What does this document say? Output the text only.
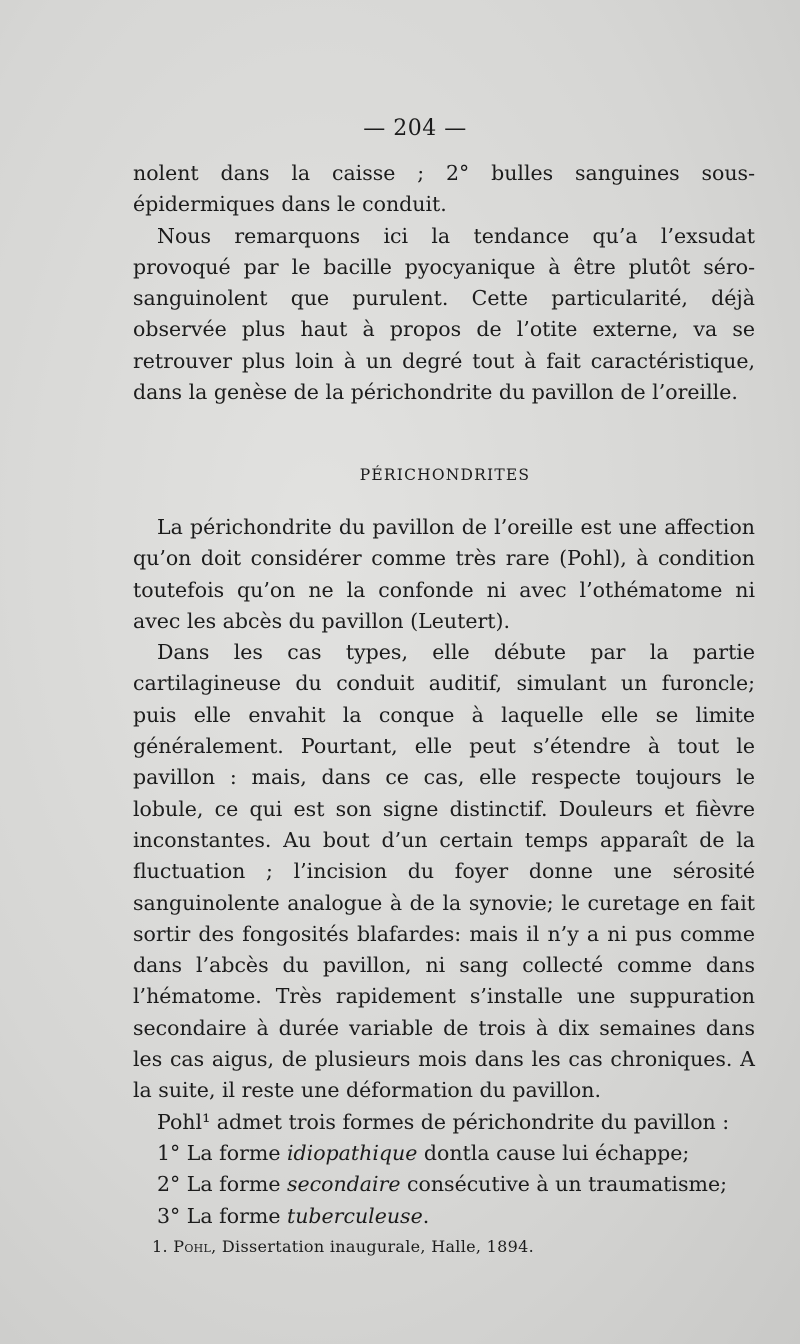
— 204 —

nolent dans la caisse ; 2° bulles sanguines sous-épidermiques dans le conduit.

Nous remarquons ici la tendance qu’a l’exsudat provoqué par le bacille pyocyanique à être plutôt séro-sanguinolent que purulent. Cette particularité, déjà observée plus haut à propos de l’otite externe, va se retrouver plus loin à un degré tout à fait caractéristique, dans la genèse de la périchondrite du pavillon de l’oreille.

PÉRICHONDRITES

La périchondrite du pavillon de l’oreille est une affection qu’on doit considérer comme très rare (Pohl), à condition toutefois qu’on ne la confonde ni avec l’othématome ni avec les abcès du pavillon (Leutert).

Dans les cas types, elle débute par la partie cartilagineuse du conduit auditif, simulant un furoncle; puis elle envahit la conque à laquelle elle se limite généralement. Pourtant, elle peut s’étendre à tout le pavillon : mais, dans ce cas, elle respecte toujours le lobule, ce qui est son signe distinctif. Douleurs et fièvre inconstantes. Au bout d’un certain temps apparaît de la fluctuation ; l’incision du foyer donne une sérosité sanguinolente analogue à de la synovie; le curetage en fait sortir des fongosités blafardes: mais il n’y a ni pus comme dans l’abcès du pavillon, ni sang collecté comme dans l’hématome. Très rapidement s’installe une suppuration secondaire à durée variable de trois à dix semaines dans les cas aigus, de plusieurs mois dans les cas chroniques. A la suite, il reste une déformation du pavillon.

Pohl¹ admet trois formes de périchondrite du pavillon :

1° La forme idiopathique dontla cause lui échappe;

2° La forme secondaire consécutive à un traumatisme;

3° La forme tuberculeuse.

1. Pohl, Dissertation inaugurale, Halle, 1894.
